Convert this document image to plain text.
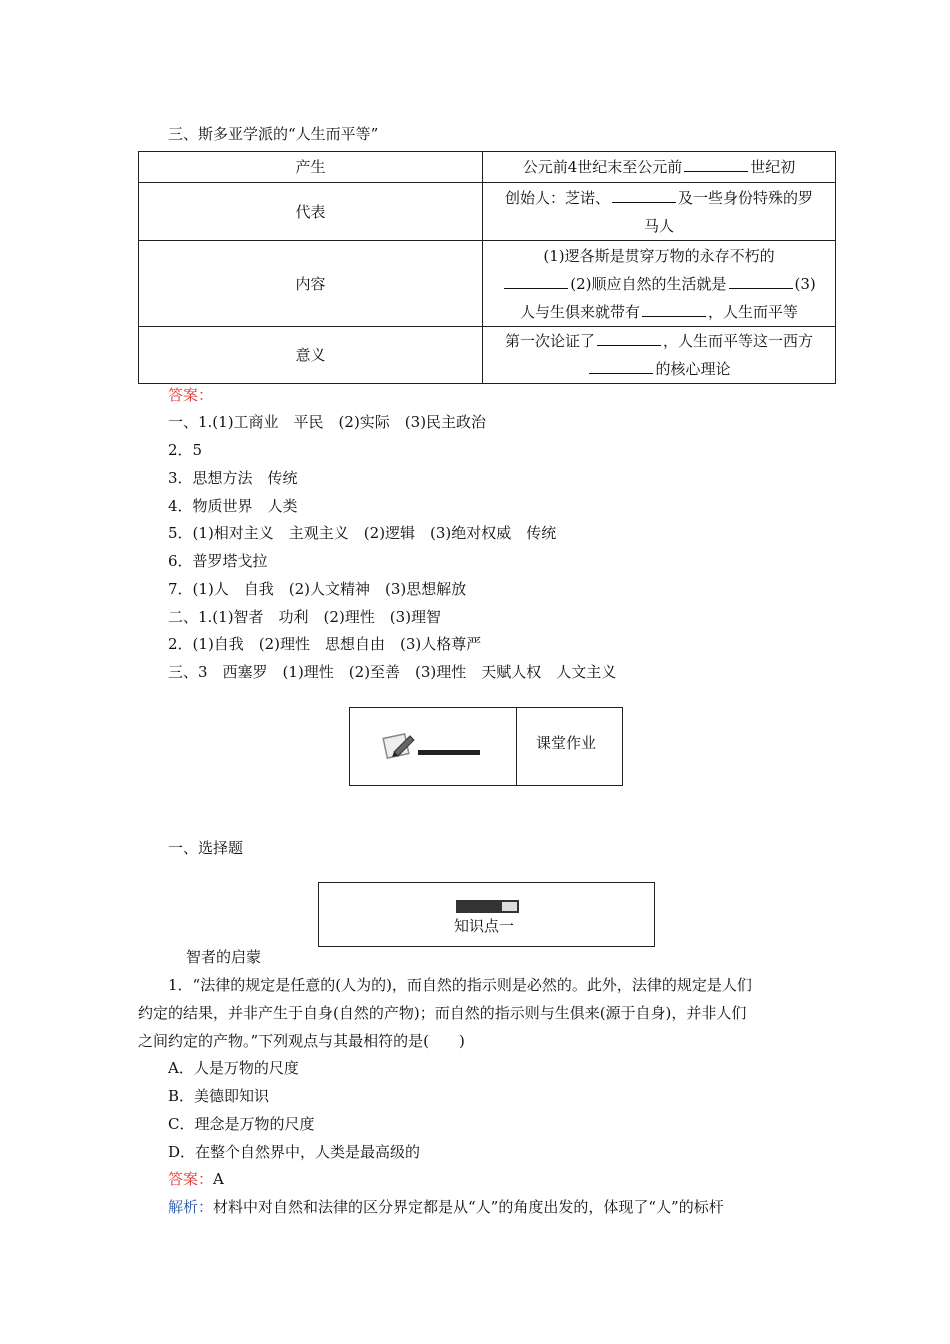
三、斯多亚学派的“人生而平等”
产生	公元前4世纪末至公元前 世纪初
代表	创始人：芝诺、 及一些身份特殊的罗
马人
内容	(1)逻各斯是贯穿万物的永存不朽的
(2)顺应自然的生活就是 (3)
人与生俱来就带有 ，人生而平等
意义	第一次论证了 ，人生而平等这一西方
的核心理论
答案：
一、1.(1)工商业　平民　(2)实际　(3)民主政治
2．5
3．思想方法　传统
4．物质世界　人类
5．(1)相对主义　主观主义　(2)逻辑　(3)绝对权威　传统
6．普罗塔戈拉
7．(1)人　自我　(2)人文精神　(3)思想解放
二、1.(1)智者　功利　(2)理性　(3)理智
2．(1)自我　(2)理性　思想自由　(3)人格尊严
三、3　西塞罗　(1)理性　(2)至善　(3)理性　天赋人权　人文主义
课堂作业
一、选择题
知识点一
智者的启蒙
1．“法律的规定是任意的(人为的)，而自然的指示则是必然的。此外，法律的规定是人们
约定的结果，并非产生于自身(自然的产物)；而自然的指示则与生俱来(源于自身)，并非人们
之间约定的产物。”下列观点与其最相符的是(　　)
A．人是万物的尺度
B．美德即知识
C．理念是万物的尺度
D．在整个自然界中，人类是最高级的
答案：A
解析：材料中对自然和法律的区分界定都是从“人”的角度出发的，体现了“人”的标杆
